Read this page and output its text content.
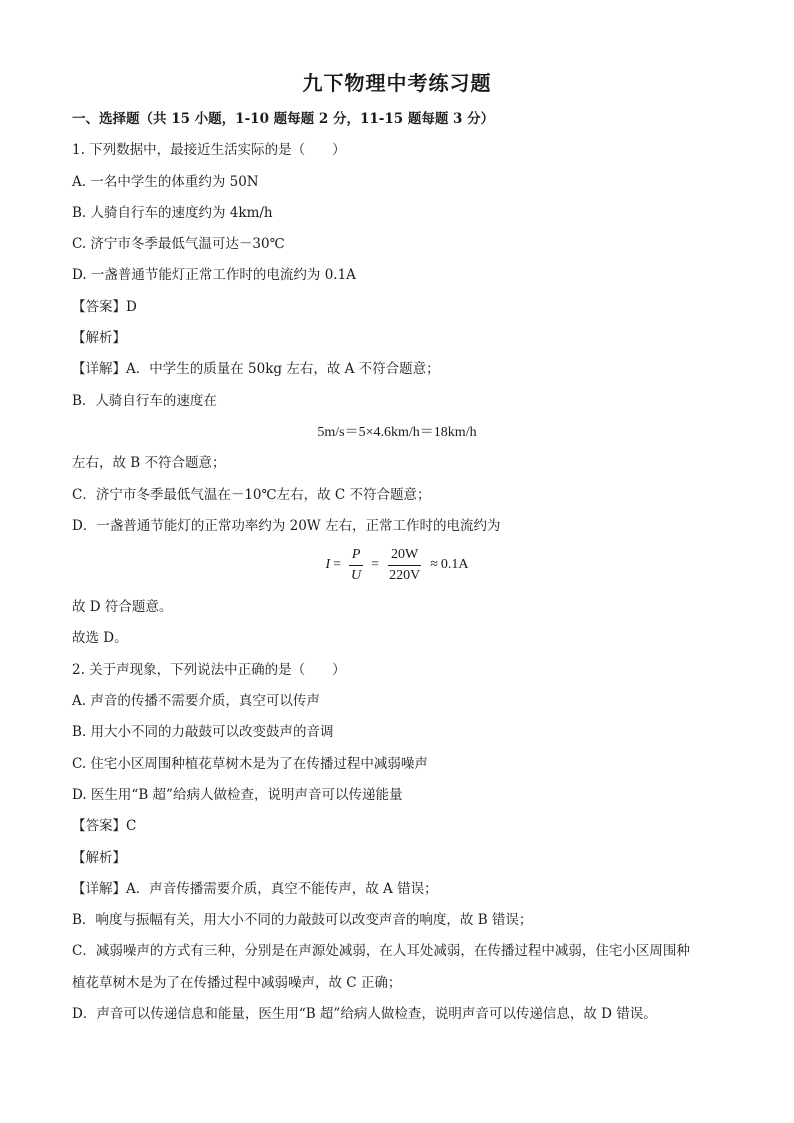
九下物理中考练习题
一、选择题（共 15 小题，1-10 题每题 2 分，11-15 题每题 3 分）
1. 下列数据中，最接近生活实际的是（　　）
A. 一名中学生的体重约为 50N
B. 人骑自行车的速度约为 4km/h
C. 济宁市冬季最低气温可达－30℃
D. 一盏普通节能灯正常工作时的电流约为 0.1A
【答案】D
【解析】
【详解】A．中学生的质量在 50kg 左右，故 A 不符合题意；
B．人骑自行车的速度在
5m/s＝5×4.6km/h＝18km/h
左右，故 B 不符合题意；
C．济宁市冬季最低气温在－10℃左右，故 C 不符合题意；
D．一盏普通节能灯的正常功率约为 20W 左右，正常工作时的电流约为
$I = \frac{P}{U} = \frac{20W}{220V} \approx 0.1A$
故 D 符合题意。
故选 D。
2. 关于声现象，下列说法中正确的是（　　）
A. 声音的传播不需要介质，真空可以传声
B. 用大小不同的力敲鼓可以改变鼓声的音调
C. 住宅小区周围种植花草树木是为了在传播过程中减弱噪声
D. 医生用“B 超”给病人做检查，说明声音可以传递能量
【答案】C
【解析】
【详解】A．声音传播需要介质，真空不能传声，故 A 错误；
B．响度与振幅有关，用大小不同的力敲鼓可以改变声音的响度，故 B 错误；
C．减弱噪声的方式有三种，分别是在声源处减弱，在人耳处减弱，在传播过程中减弱，住宅小区周围种
植花草树木是为了在传播过程中减弱噪声，故 C 正确；
D．声音可以传递信息和能量，医生用“B 超”给病人做检查，说明声音可以传递信息，故 D 错误。
